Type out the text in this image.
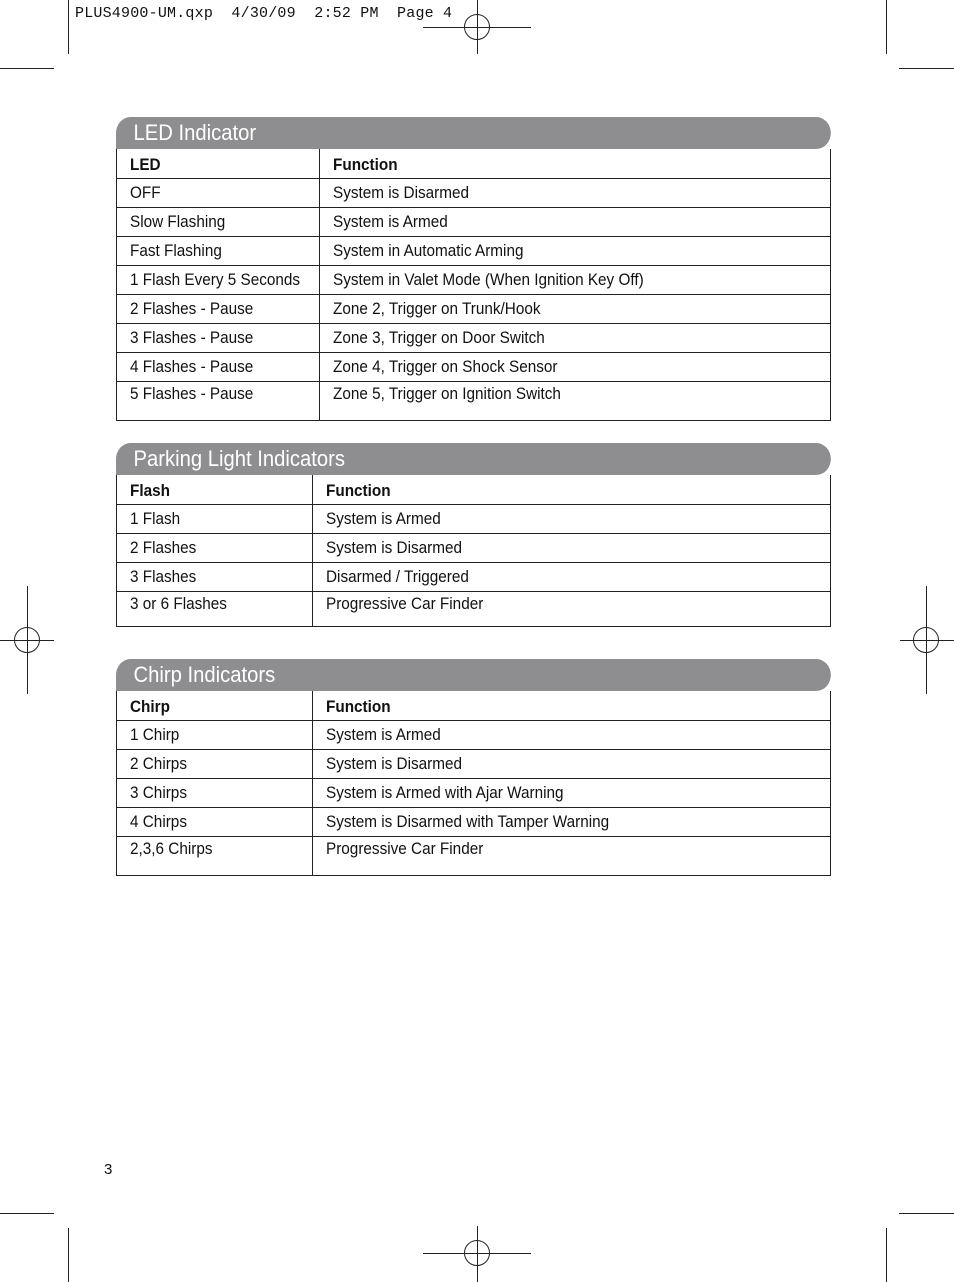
PLUS4900-UM.qxp  4/30/09  2:52 PM  Page 4
LED Indicator
LED	Function
OFF	System is Disarmed
Slow Flashing	System is Armed
Fast Flashing	System in Automatic Arming
1 Flash Every 5 Seconds	System in Valet Mode (When Ignition Key Off)
2 Flashes - Pause	Zone 2, Trigger on Trunk/Hook
3 Flashes - Pause	Zone 3, Trigger on Door Switch
4 Flashes - Pause	Zone 4, Trigger on Shock Sensor
5 Flashes - Pause	Zone 5, Trigger on Ignition Switch
Parking Light Indicators
Flash	Function
1 Flash	System is Armed
2 Flashes	System is Disarmed
3 Flashes	Disarmed / Triggered
3 or 6 Flashes	Progressive Car Finder
Chirp Indicators
Chirp	Function
1 Chirp	System is Armed
2 Chirps	System is Disarmed
3 Chirps	System is Armed with Ajar Warning
4 Chirps	System is Disarmed with Tamper Warning
2,3,6 Chirps	Progressive Car Finder
3
